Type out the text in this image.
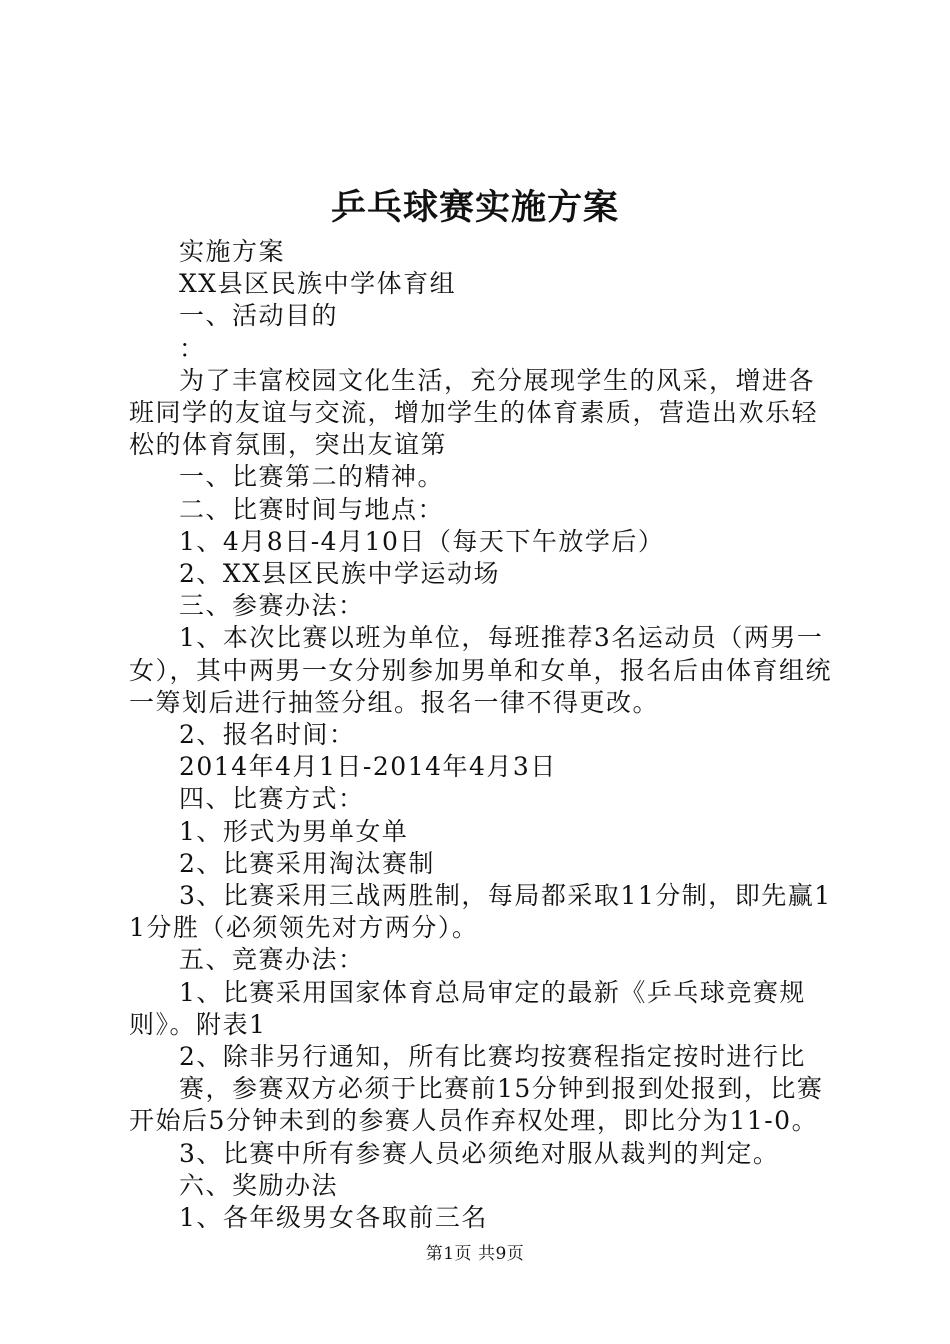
乒乓球赛实施方案

实施方案

XX县区民族中学体育组

一、活动目的

：

为了丰富校园文化生活，充分展现学生的风采，增进各班同学的友谊与交流，增加学生的体育素质，营造出欢乐轻松的体育氛围，突出友谊第

一、比赛第二的精神。

二、比赛时间与地点：

1、4月8日-4月10日（每天下午放学后）

2、XX县区民族中学运动场

三、参赛办法：

1、本次比赛以班为单位，每班推荐3名运动员（两男一女），其中两男一女分别参加男单和女单，报名后由体育组统一筹划后进行抽签分组。报名一律不得更改。

2、报名时间：

2014年4月1日-2014年4月3日

四、比赛方式：

1、形式为男单女单

2、比赛采用淘汰赛制

3、比赛采用三战两胜制，每局都采取11分制，即先赢11分胜（必须领先对方两分）。

五、竞赛办法：

1、比赛采用国家体育总局审定的最新《乒乓球竞赛规则》。附表1

2、除非另行通知，所有比赛均按赛程指定按时进行比

赛，参赛双方必须于比赛前15分钟到报到处报到，比赛开始后5分钟未到的参赛人员作弃权处理，即比分为11-0。

3、比赛中所有参赛人员必须绝对服从裁判的判定。

六、奖励办法

1、各年级男女各取前三名

第1页 共9页
